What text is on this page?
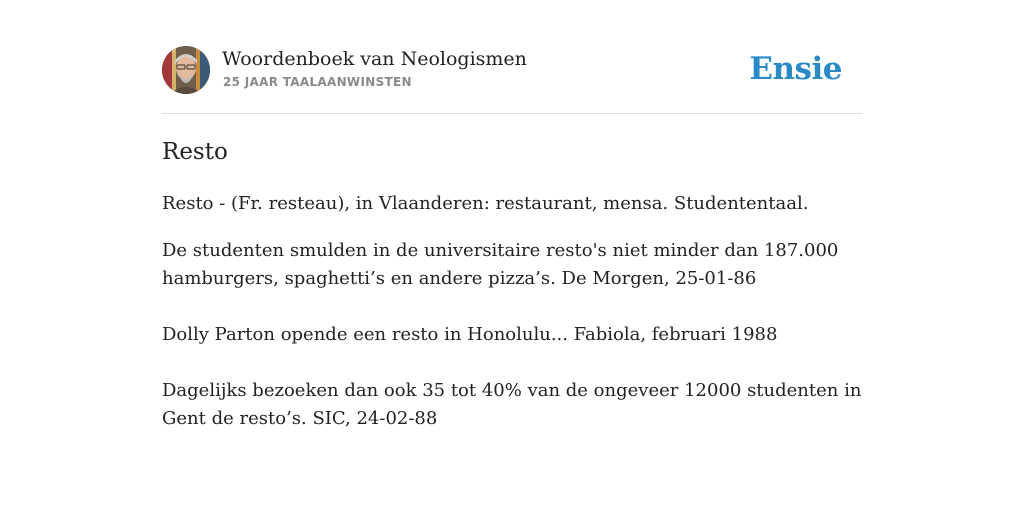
Woordenboek van Neologismen
25 JAAR TAALAANWINSTEN	Ensie
Resto

Resto - (Fr. resteau), in Vlaanderen: restaurant, mensa. Studententaal.

De studenten smulden in de universitaire resto's niet minder dan 187.000 hamburgers, spaghetti’s en andere pizza’s. De Morgen, 25-01-86

Dolly Parton opende een resto in Honolulu... Fabiola, februari 1988

Dagelijks bezoeken dan ook 35 tot 40% van de ongeveer 12000 studenten in Gent de resto’s. SIC, 24-02-88
